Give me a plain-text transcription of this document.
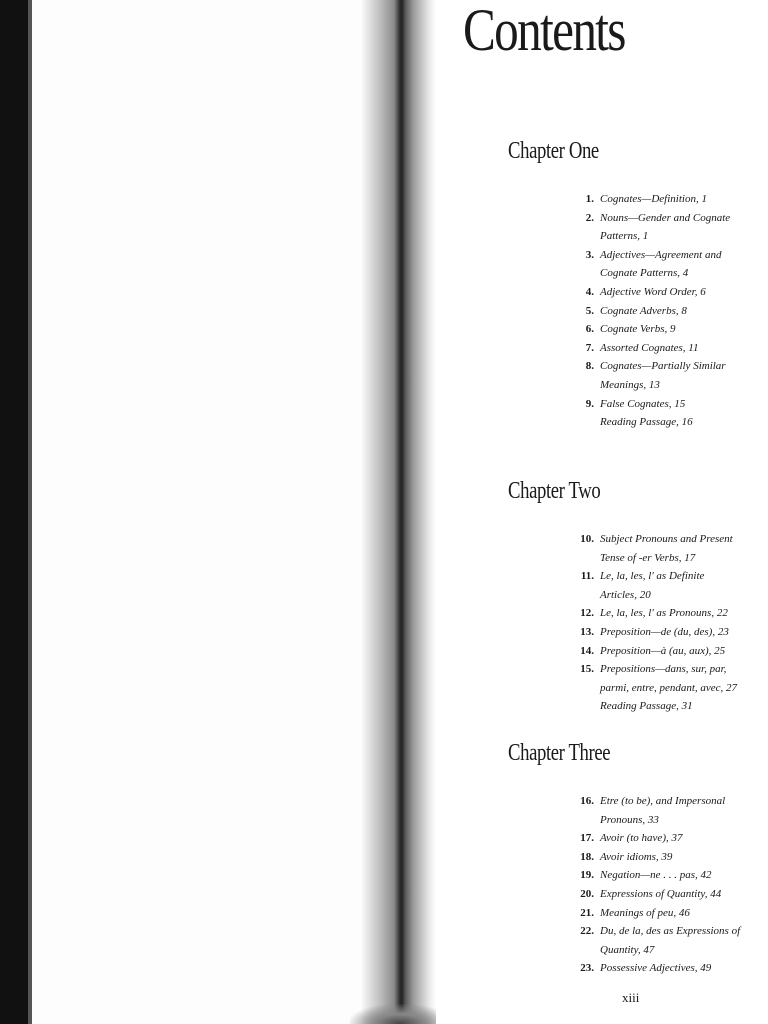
Contents
Chapter One
1. Cognates—Definition, 1
2. Nouns—Gender and Cognate Patterns, 1
3. Adjectives—Agreement and Cognate Patterns, 4
4. Adjective Word Order, 6
5. Cognate Adverbs, 8
6. Cognate Verbs, 9
7. Assorted Cognates, 11
8. Cognates—Partially Similar Meanings, 13
9. False Cognates, 15
Reading Passage, 16
Chapter Two
10. Subject Pronouns and Present Tense of -er Verbs, 17
11. Le, la, les, l' as Definite Articles, 20
12. Le, la, les, l' as Pronouns, 22
13. Preposition—de (du, des), 23
14. Preposition—à (au, aux), 25
15. Prepositions—dans, sur, par, parmi, entre, pendant, avec, 27
Reading Passage, 31
Chapter Three
16. Etre (to be), and Impersonal Pronouns, 33
17. Avoir (to have), 37
18. Avoir idioms, 39
19. Negation—ne . . . pas, 42
20. Expressions of Quantity, 44
21. Meanings of peu, 46
22. Du, de la, des as Expressions of Quantity, 47
23. Possessive Adjectives, 49
xiii
